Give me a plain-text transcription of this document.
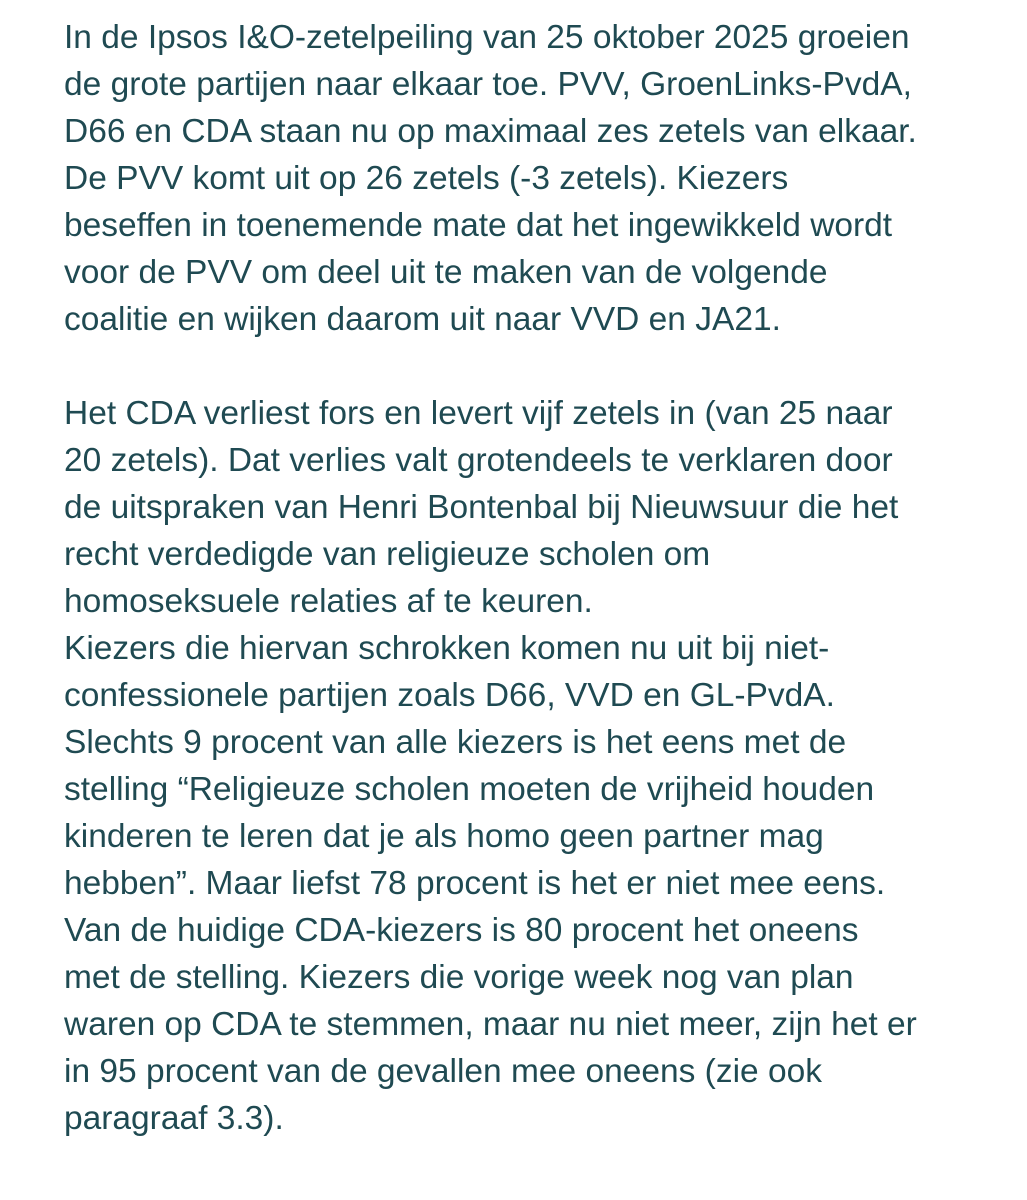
In de Ipsos I&O-zetelpeiling van 25 oktober 2025 groeien
de grote partijen naar elkaar toe. PVV, GroenLinks-PvdA,
D66 en CDA staan nu op maximaal zes zetels van elkaar.
De PVV komt uit op 26 zetels (-3 zetels). Kiezers
beseffen in toenemende mate dat het ingewikkeld wordt
voor de PVV om deel uit te maken van de volgende
coalitie en wijken daarom uit naar VVD en JA21.

Het CDA verliest fors en levert vijf zetels in (van 25 naar
20 zetels). Dat verlies valt grotendeels te verklaren door
de uitspraken van Henri Bontenbal bij Nieuwsuur die het
recht verdedigde van religieuze scholen om
homoseksuele relaties af te keuren.

Kiezers die hiervan schrokken komen nu uit bij niet-
confessionele partijen zoals D66, VVD en GL-PvdA.
Slechts 9 procent van alle kiezers is het eens met de
stelling “Religieuze scholen moeten de vrijheid houden
kinderen te leren dat je als homo geen partner mag
hebben”. Maar liefst 78 procent is het er niet mee eens.
Van de huidige CDA-kiezers is 80 procent het oneens
met de stelling. Kiezers die vorige week nog van plan
waren op CDA te stemmen, maar nu niet meer, zijn het er
in 95 procent van de gevallen mee oneens (zie ook
paragraaf 3.3).
